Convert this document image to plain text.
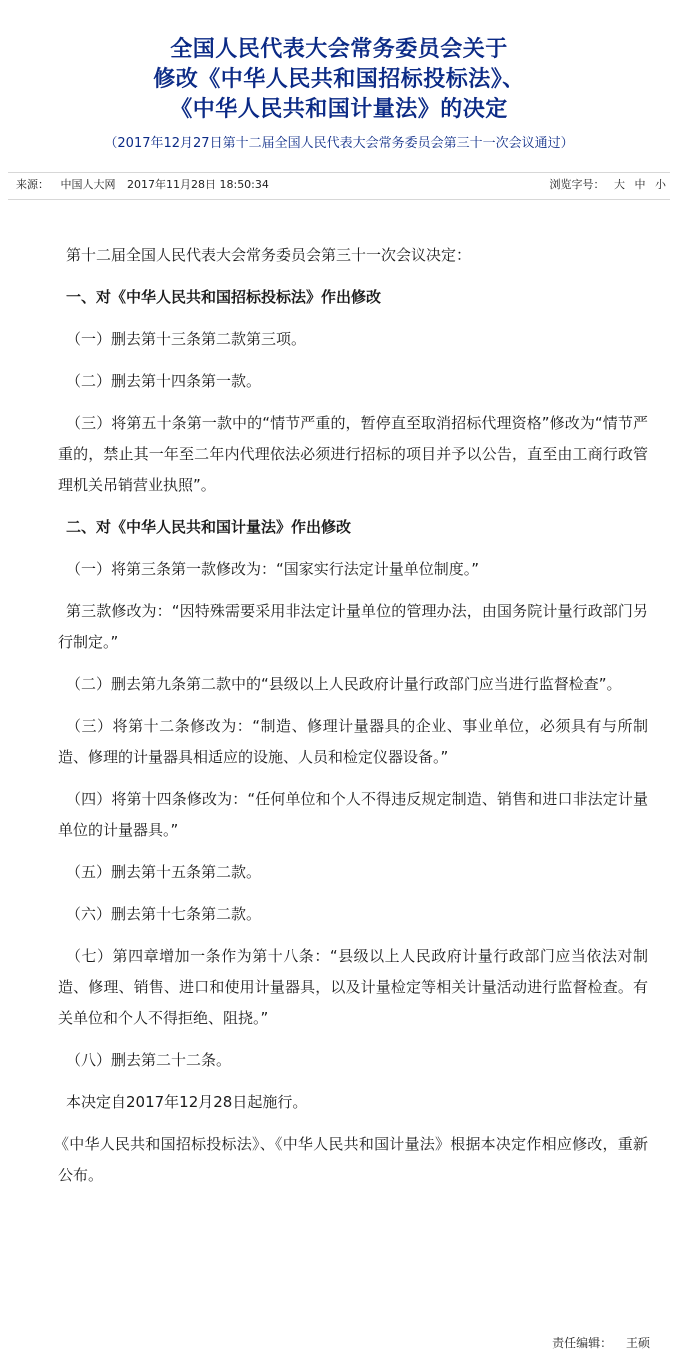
全国人民代表大会常务委员会关于
修改《中华人民共和国招标投标法》、
《中华人民共和国计量法》的决定
（2017年12月27日第十二届全国人民代表大会常务委员会第三十一次会议通过）
来源： 中国人大网 2017年11月28日 18:50:34	浏览字号： 大 中 小

第十二届全国人民代表大会常务委员会第三十一次会议决定：

一、对《中华人民共和国招标投标法》作出修改

（一）删去第十三条第二款第三项。

（二）删去第十四条第一款。

（三）将第五十条第一款中的“情节严重的，暂停直至取消招标代理资格”修改为“情节严重的，禁止其一年至二年内代理依法必须进行招标的项目并予以公告，直至由工商行政管理机关吊销营业执照”。

二、对《中华人民共和国计量法》作出修改

（一）将第三条第一款修改为：“国家实行法定计量单位制度。”

第三款修改为：“因特殊需要采用非法定计量单位的管理办法，由国务院计量行政部门另行制定。”

（二）删去第九条第二款中的“县级以上人民政府计量行政部门应当进行监督检查”。

（三）将第十二条修改为：“制造、修理计量器具的企业、事业单位，必须具有与所制造、修理的计量器具相适应的设施、人员和检定仪器设备。”

（四）将第十四条修改为：“任何单位和个人不得违反规定制造、销售和进口非法定计量单位的计量器具。”

（五）删去第十五条第二款。

（六）删去第十七条第二款。

（七）第四章增加一条作为第十八条：“县级以上人民政府计量行政部门应当依法对制造、修理、销售、进口和使用计量器具，以及计量检定等相关计量活动进行监督检查。有关单位和个人不得拒绝、阻挠。”

（八）删去第二十二条。

本决定自2017年12月28日起施行。

《中华人民共和国招标投标法》、《中华人民共和国计量法》根据本决定作相应修改，重新公布。

责任编辑： 王硕
